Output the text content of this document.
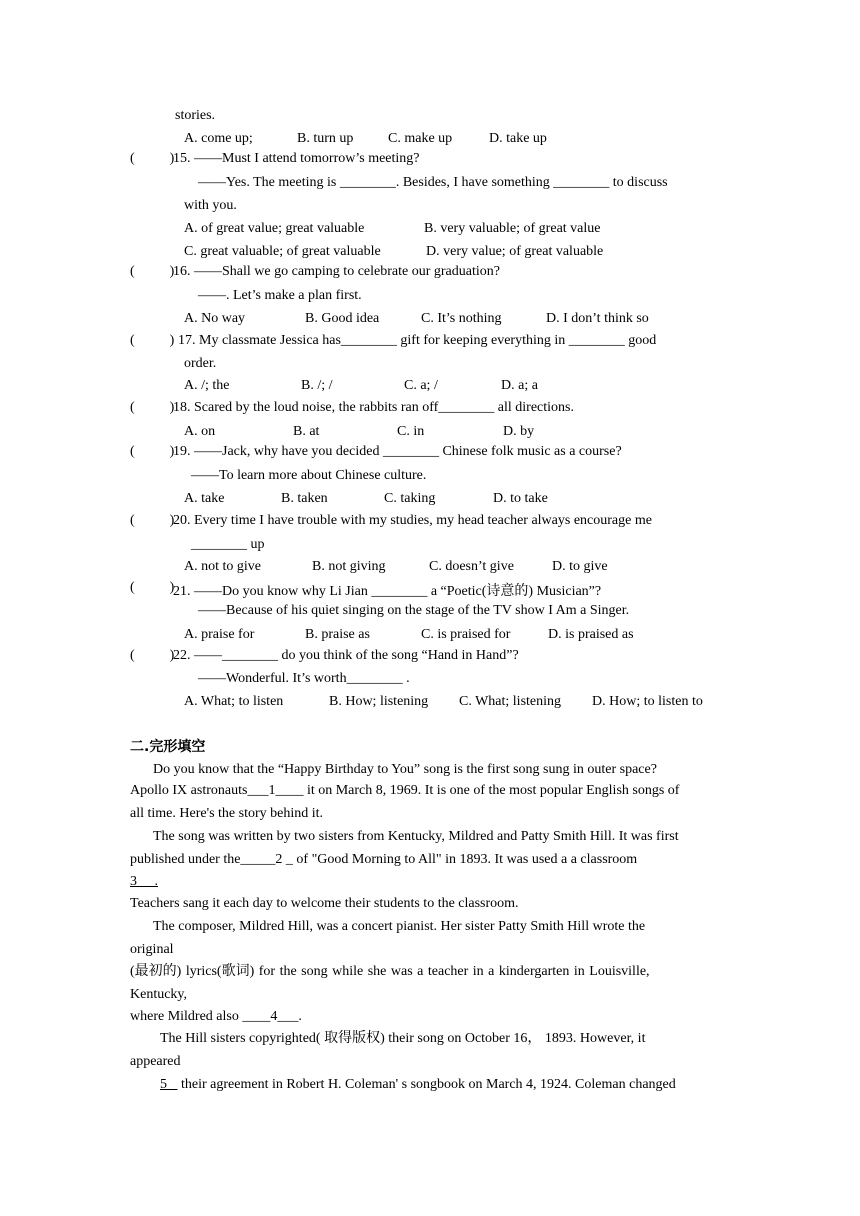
stories.
A. come up;	B. turn up C. make up	D. take up
(          )
15. ——Must I attend tomorrow’s meeting?
——Yes. The meeting is ________. Besides, I have something ________ to discuss
with you.
A. of great value; great valuable	B. very valuable; of great value
C. great valuable; of great valuable	D. very value; of great valuable
(          )
16. ——Shall we go camping to celebrate our graduation?
——. Let’s make a plan first.
A. No way	B. Good idea	C. It’s nothing	D. I don’t think so
(          ) 17. My classmate Jessica has________ gift for keeping everything in ________ good
order.
A. /; the	B. /; /	C. a; /	D. a; a
(          )
18. Scared by the loud noise, the rabbits ran off________ all directions.
A. on	B. at	C. in	D. by
(          )
19. ——Jack, why have you decided ________ Chinese folk music as a course?
——To learn more about Chinese culture.
A. take	B. taken	C. taking	D. to take
(          )
20. Every time I have trouble with my studies, my head teacher always encourage me
________ up
A. not to give	B. not giving	C. doesn’t give	D. to give
(          )
21. ——Do you know why Li Jian ________ a “Poetic(诗意的) Musician”?
——Because of his quiet singing on the stage of the TV show I Am a Singer.
A. praise for	B. praise as	C. is praised for	D. is praised as
(          )
22. ——________ do you think of the song “Hand in Hand”?
——Wonderful. It’s worth________ .
A. What; to listen	B. How; listening C. What; listening D. How; to listen to
二.完形填空
Do you know that the “Happy Birthday to You” song is the first song sung in outer space?
Apollo IX astronauts___1____ it on March 8, 1969. It is one of the most popular English songs of
all time. Here's the story behind it.
The song was written by two sisters from Kentucky, Mildred and Patty Smith Hill. It was first
published under the_____2 _ of "Good Morning to All" in 1893. It was used a a classroom
3     .
Teachers sang it each day to welcome their students to the classroom.
The composer, Mildred Hill, was a concert pianist. Her sister Patty Smith Hill wrote the
original
(最初的) lyrics(歌词) for the song while she was a teacher in a kindergarten in Louisville,
Kentucky,
where Mildred also ____4___.
The Hill sisters copyrighted( 取得版权) their song on October 16， 1893. However, it
appeared
5    their agreement in Robert H. Coleman' s songbook on March 4, 1924. Coleman changed
